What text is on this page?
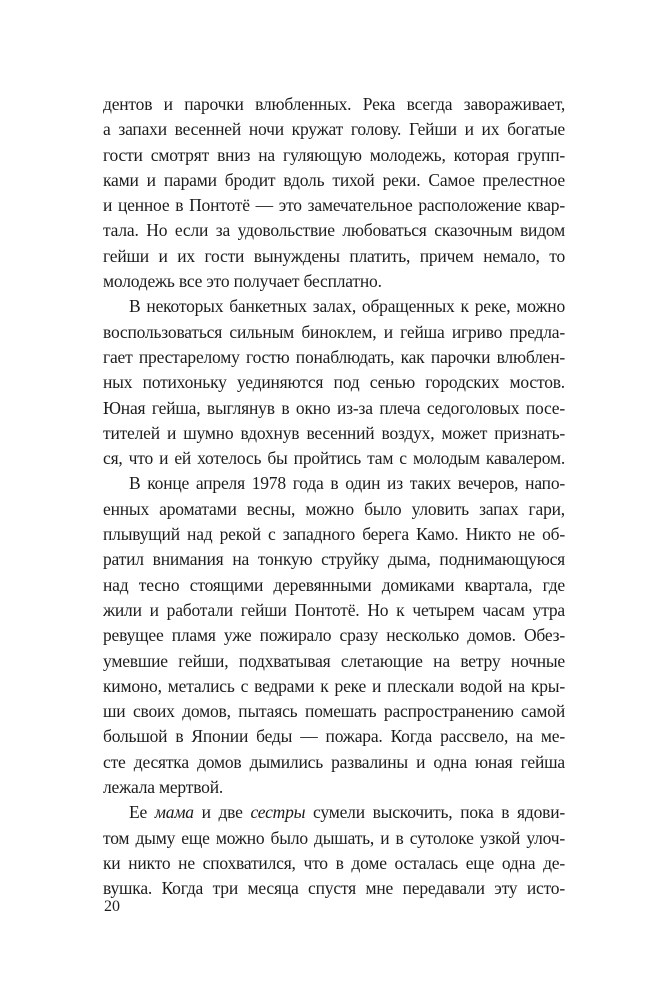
дентов и парочки влюбленных. Река всегда завораживает,
а запахи весенней ночи кружат голову. Гейши и их богатые
гости смотрят вниз на гуляющую молодежь, которая групп-
ками и парами бродит вдоль тихой реки. Самое прелестное
и ценное в Понтотё — это замечательное расположение квар-
тала. Но если за удовольствие любоваться сказочным видом
гейши и их гости вынуждены платить, причем немало, то
молодежь все это получает бесплатно.
В некоторых банкетных залах, обращенных к реке, можно
воспользоваться сильным биноклем, и гейша игриво предла-
гает престарелому гостю понаблюдать, как парочки влюблен-
ных потихоньку уединяются под сенью городских мостов.
Юная гейша, выглянув в окно из-за плеча седоголовых посе-
тителей и шумно вдохнув весенний воздух, может признать-
ся, что и ей хотелось бы пройтись там с молодым кавалером.
В конце апреля 1978 года в один из таких вечеров, напо-
енных ароматами весны, можно было уловить запах гари,
плывущий над рекой с западного берега Камо. Никто не об-
ратил внимания на тонкую струйку дыма, поднимающуюся
над тесно стоящими деревянными домиками квартала, где
жили и работали гейши Понтотё. Но к четырем часам утра
ревущее пламя уже пожирало сразу несколько домов. Обез-
умевшие гейши, подхватывая слетающие на ветру ночные
кимоно, метались с ведрами к реке и плескали водой на кры-
ши своих домов, пытаясь помешать распространению самой
большой в Японии беды — пожара. Когда рассвело, на ме-
сте десятка домов дымились развалины и одна юная гейша
лежала мертвой.
Ее мама и две сестры сумели выскочить, пока в ядови-
том дыму еще можно было дышать, и в сутолоке узкой улоч-
ки никто не спохватился, что в доме осталась еще одна де-
вушка. Когда три месяца спустя мне передавали эту исто-
20
